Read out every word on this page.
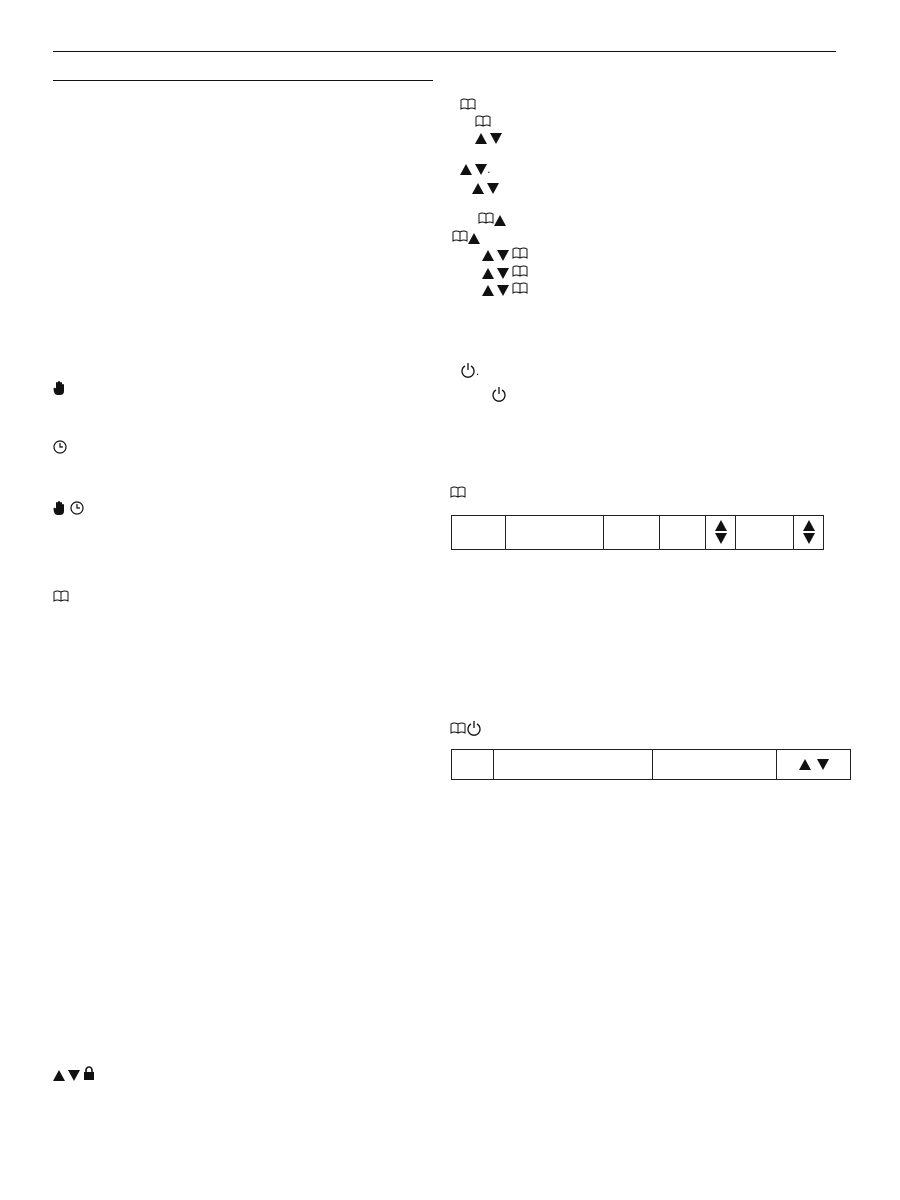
.

.
